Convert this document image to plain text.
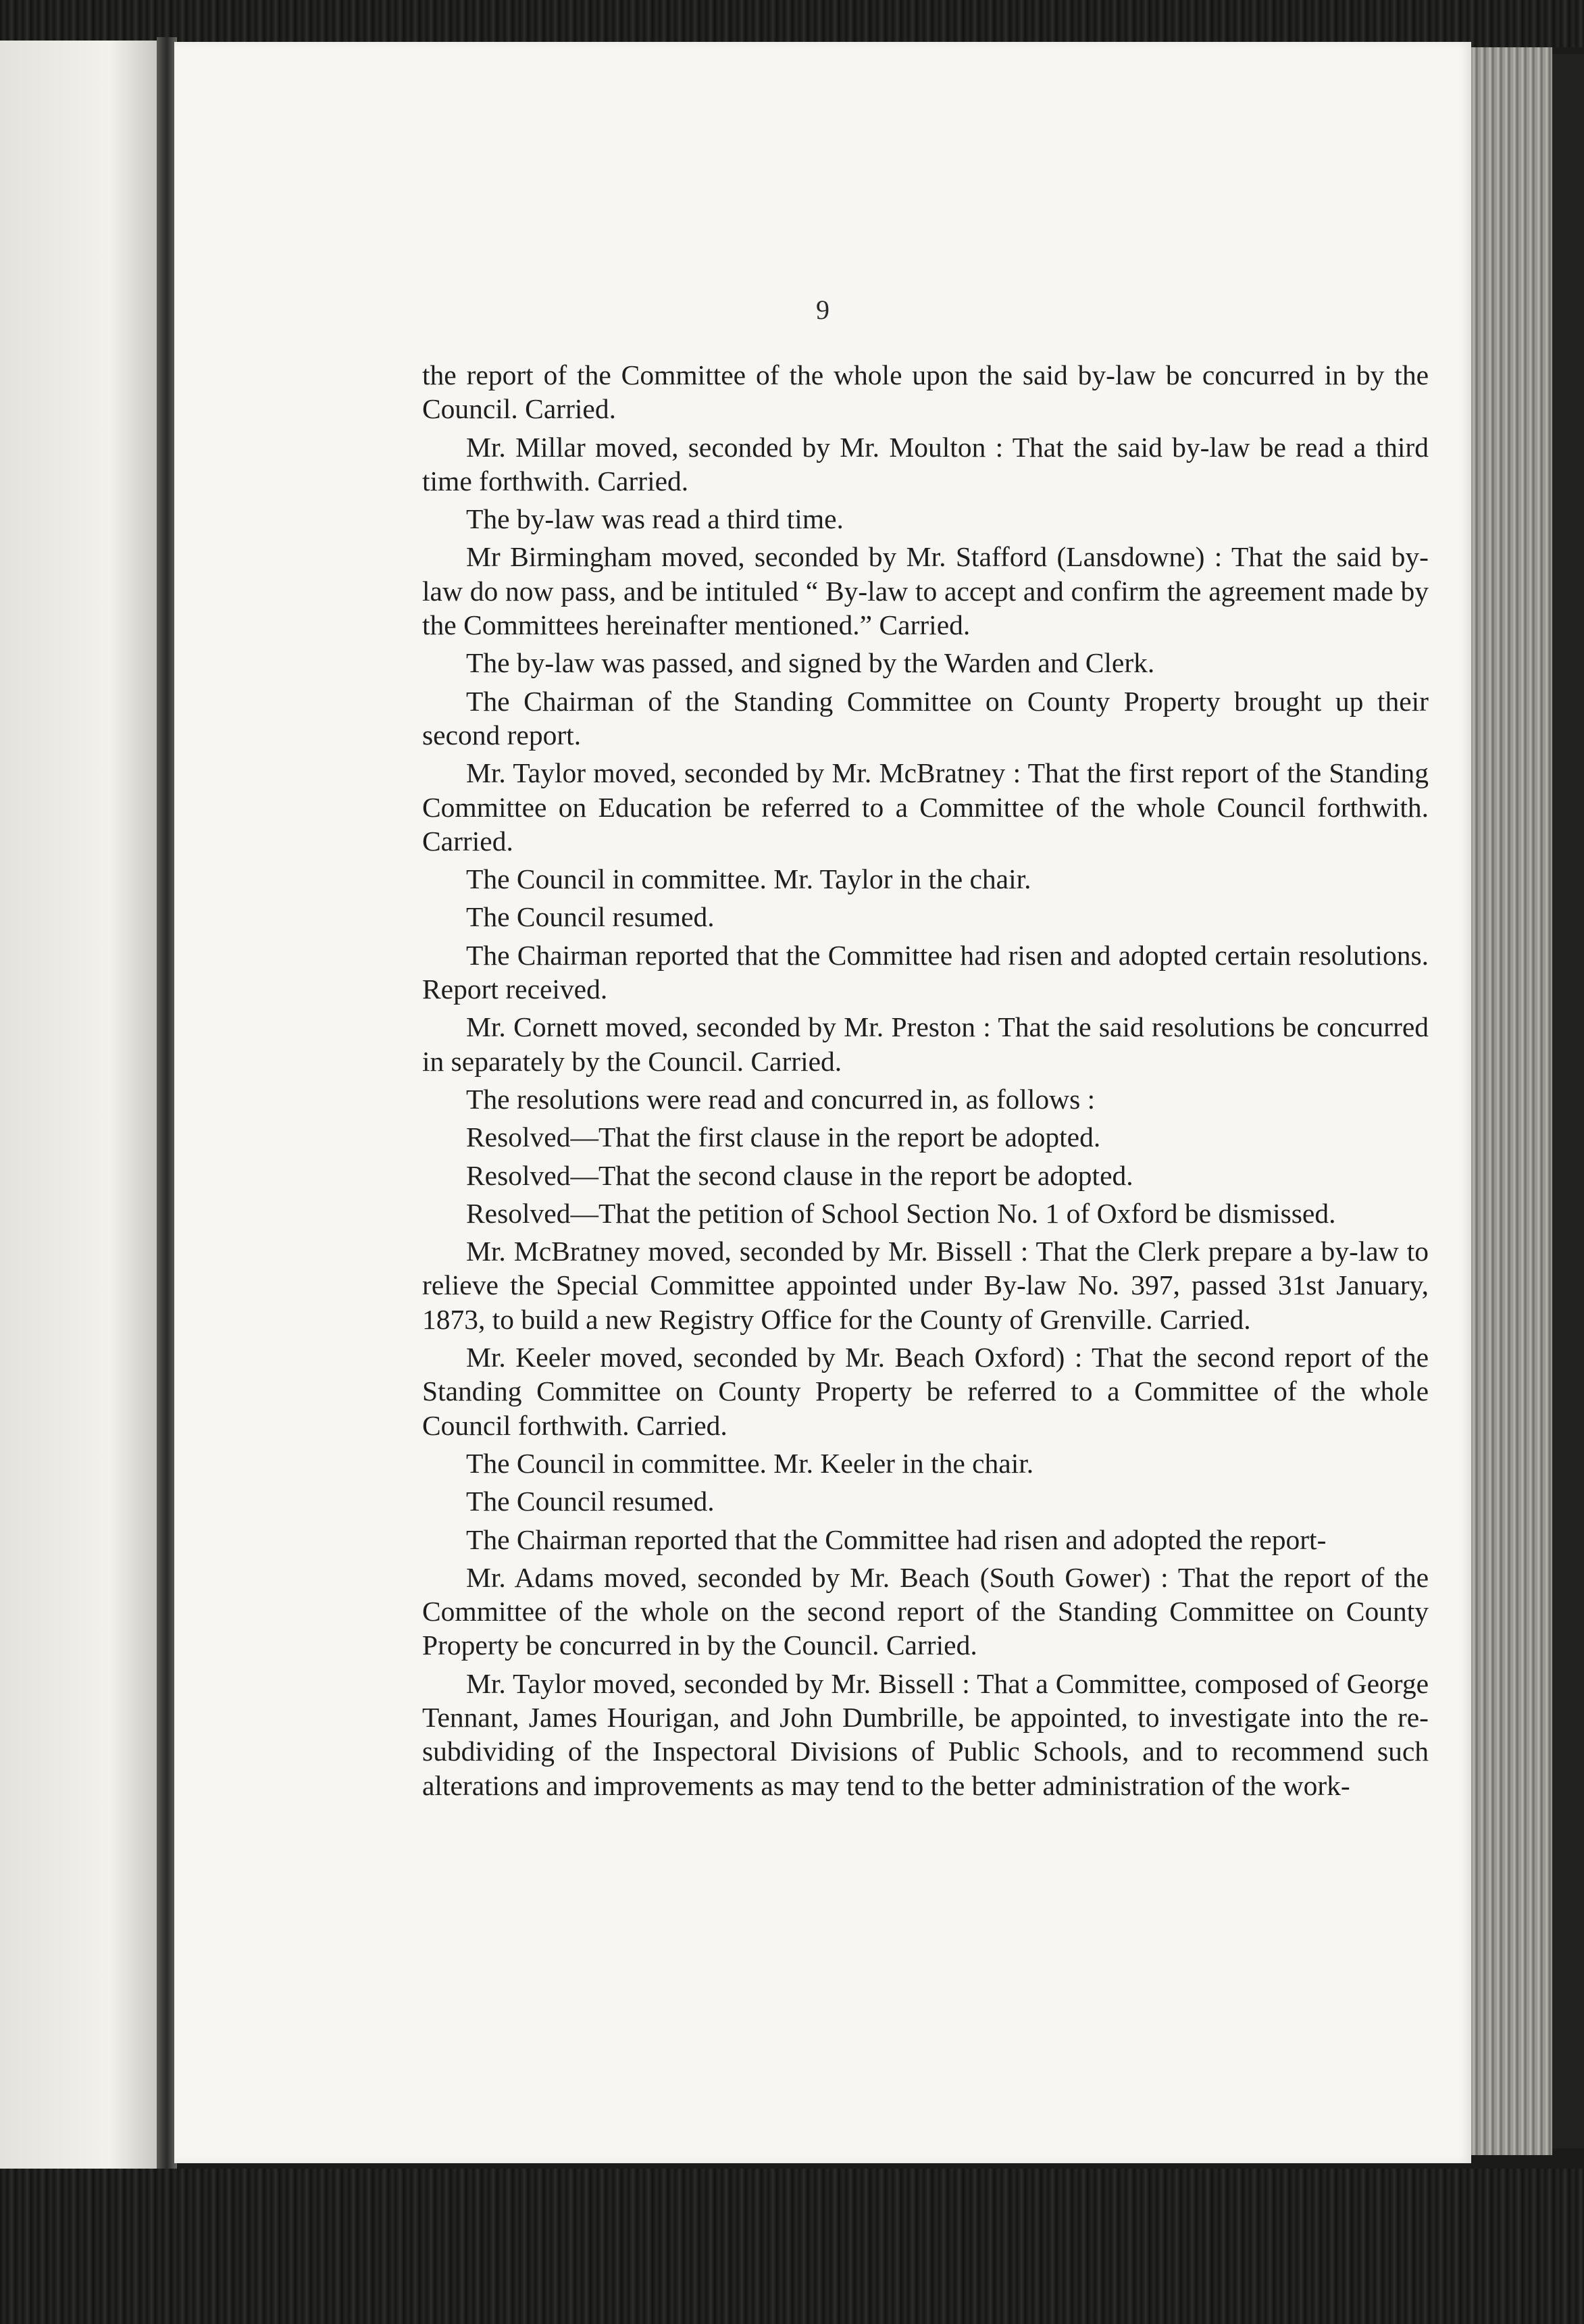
9

the report of the Committee of the whole upon the said by-law be concurred in by the Council. Carried.

Mr. Millar moved, seconded by Mr. Moulton : That the said by-law be read a third time forthwith. Carried.

The by-law was read a third time.

Mr Birmingham moved, seconded by Mr. Stafford (Lansdowne) : That the said by-law do now pass, and be intituled “ By-law to accept and confirm the agreement made by the Committees hereinafter mentioned.” Carried.

The by-law was passed, and signed by the Warden and Clerk.

The Chairman of the Standing Committee on County Property brought up their second report.

Mr. Taylor moved, seconded by Mr. McBratney : That the first report of the Standing Committee on Education be referred to a Committee of the whole Council forthwith. Carried.

The Council in committee. Mr. Taylor in the chair.

The Council resumed.

The Chairman reported that the Committee had risen and adopted certain resolutions. Report received.

Mr. Cornett moved, seconded by Mr. Preston : That the said resolutions be concurred in separately by the Council. Carried.

The resolutions were read and concurred in, as follows :

Resolved—That the first clause in the report be adopted.

Resolved—That the second clause in the report be adopted.

Resolved—That the petition of School Section No. 1 of Oxford be dismissed.

Mr. McBratney moved, seconded by Mr. Bissell : That the Clerk prepare a by-law to relieve the Special Committee appointed under By-law No. 397, passed 31st January, 1873, to build a new Registry Office for the County of Grenville. Carried.

Mr. Keeler moved, seconded by Mr. Beach Oxford) : That the second report of the Standing Committee on County Property be referred to a Committee of the whole Council forthwith. Carried.

The Council in committee. Mr. Keeler in the chair.

The Council resumed.

The Chairman reported that the Committee had risen and adopted the report-

Mr. Adams moved, seconded by Mr. Beach (South Gower) : That the report of the Committee of the whole on the second report of the Standing Committee on County Property be concurred in by the Council. Carried.

Mr. Taylor moved, seconded by Mr. Bissell : That a Committee, composed of George Tennant, James Hourigan, and John Dumbrille, be appointed, to investigate into the re-subdividing of the Inspectoral Divisions of Public Schools, and to recommend such alterations and improvements as may tend to the better administration of the work-
